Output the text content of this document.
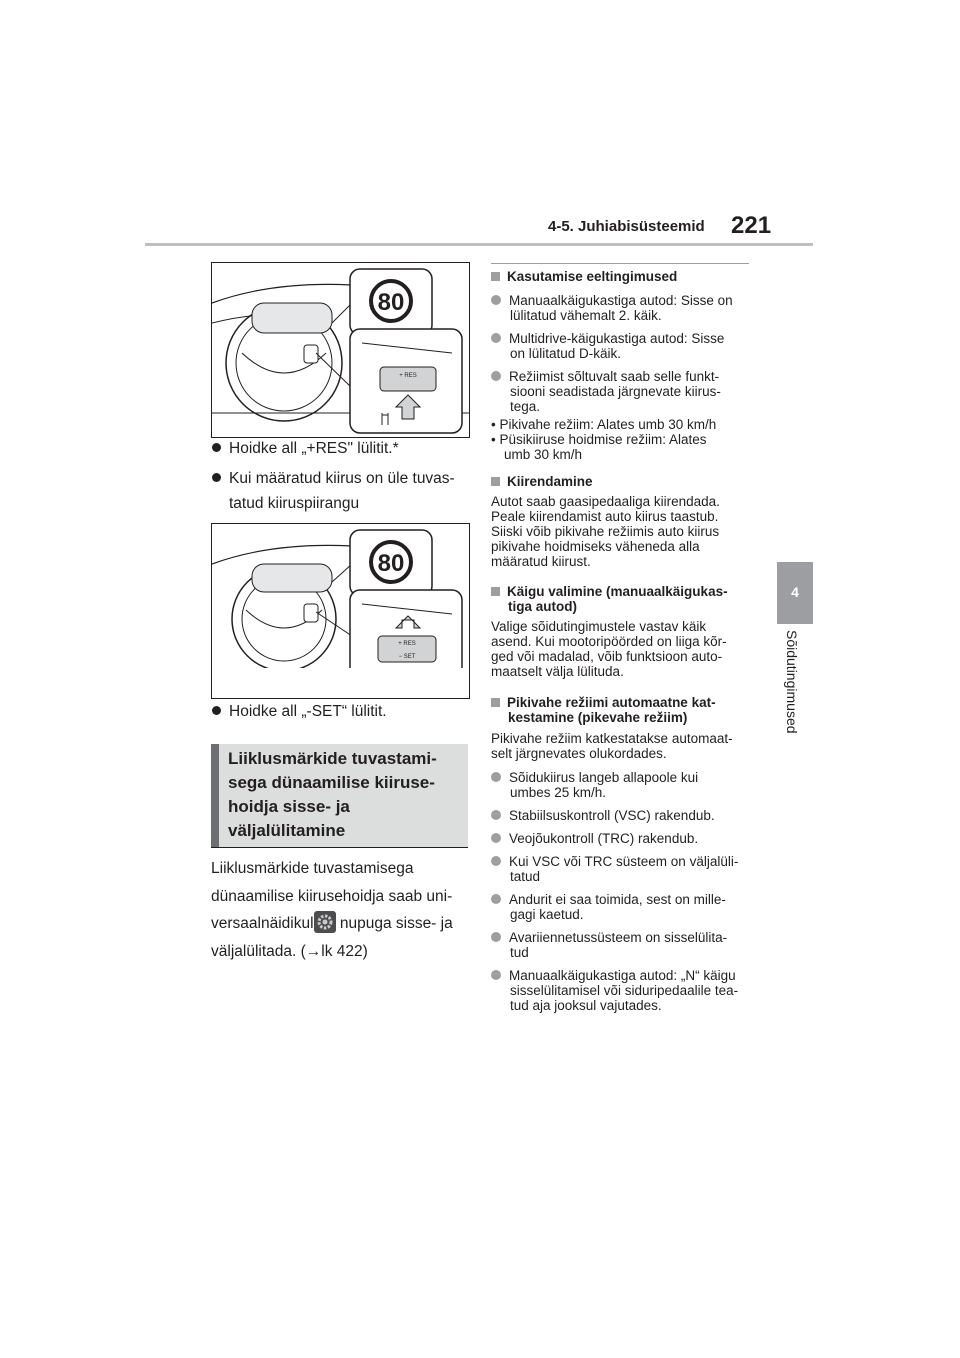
4-5. Juhiabisüsteemid 221
4
Sõidutingimused
80
+ RES
Hoidke all „+RES" lülitit.*
Kui määratud kiirus on üle tuvas-
tatud kiiruspiirangu
80
+ RES
− SET
Hoidke all „-SET“ lülitit.
Liiklusmärkide tuvastami-
sega dünaamilise kiiruse-
hoidja sisse- ja
väljalülitamine
Liiklusmärkide tuvastamisega
dünaamilise kiirusehoidja saab uni-
versaalnäidikul nupuga sisse- ja
väljalülitada. (→lk 422)
Kasutamise eeltingimused
Manuaalkäigukastiga autod: Sisse on
lülitatud vähemalt 2. käik.
Multidrive-käigukastiga autod: Sisse
on lülitatud D-käik.
Režiimist sõltuvalt saab selle funkt-
siooni seadistada järgnevate kiirus-
tega.
• Pikivahe režiim: Alates umb 30 km/h
• Püsikiiruse hoidmise režiim: Alates
umb 30 km/h
Kiirendamine
Autot saab gaasipedaaliga kiirendada.
Peale kiirendamist auto kiirus taastub.
Siiski võib pikivahe režiimis auto kiirus
pikivahe hoidmiseks väheneda alla
määratud kiirust.
Käigu valimine (manuaalkäigukas-
tiga autod)
Valige sõidutingimustele vastav käik
asend. Kui mootoripöörded on liiga kõr-
ged või madalad, võib funktsioon auto-
maatselt välja lülituda.
Pikivahe režiimi automaatne kat-
kestamine (pikevahe režiim)
Pikivahe režiim katkestatakse automaat-
selt järgnevates olukordades.
Sõidukiirus langeb allapoole kui
umbes 25 km/h.
Stabiilsuskontroll (VSC) rakendub.
Veojõukontroll (TRC) rakendub.
Kui VSC või TRC süsteem on väljalüli-
tatud
Andurit ei saa toimida, sest on mille-
gagi kaetud.
Avariiennetussüsteem on sisselülita-
tud
Manuaalkäigukastiga autod: „N“ käigu
sisselülitamisel või siduripedaalile tea-
tud aja jooksul vajutades.
